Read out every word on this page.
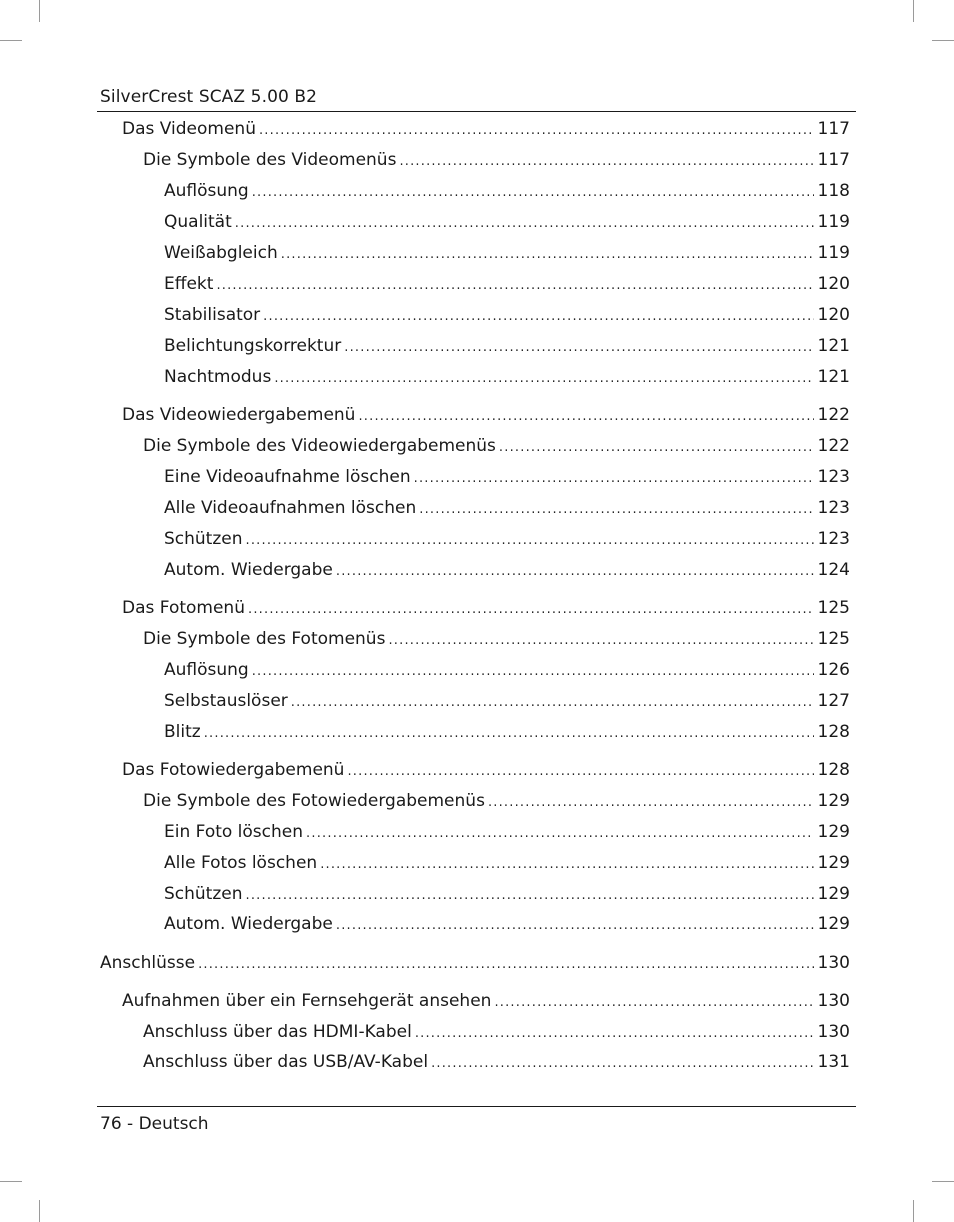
SilverCrest SCAZ 5.00 B2
Das Videomenü .....	117
Die Symbole des Videomenüs .....	117
Auflösung .....	118
Qualität .....	119
Weißabgleich .....	119
Effekt .....	120
Stabilisator .....	120
Belichtungskorrektur .....	121
Nachtmodus .....	121
Das Videowiedergabemenü .....	122
Die Symbole des Videowiedergabemenüs .....	122
Eine Videoaufnahme löschen .....	123
Alle Videoaufnahmen löschen .....	123
Schützen .....	123
Autom. Wiedergabe .....	124
Das Fotomenü .....	125
Die Symbole des Fotomenüs .....	125
Auflösung .....	126
Selbstauslöser .....	127
Blitz .....	128
Das Fotowiedergabemenü .....	128
Die Symbole des Fotowiedergabemenüs .....	129
Ein Foto löschen .....	129
Alle Fotos löschen .....	129
Schützen .....	129
Autom. Wiedergabe .....	129
Anschlüsse .....	130
Aufnahmen über ein Fernsehgerät ansehen .....	130
Anschluss über das HDMI-Kabel .....	130
Anschluss über das USB/AV-Kabel .....	131
76 - Deutsch
